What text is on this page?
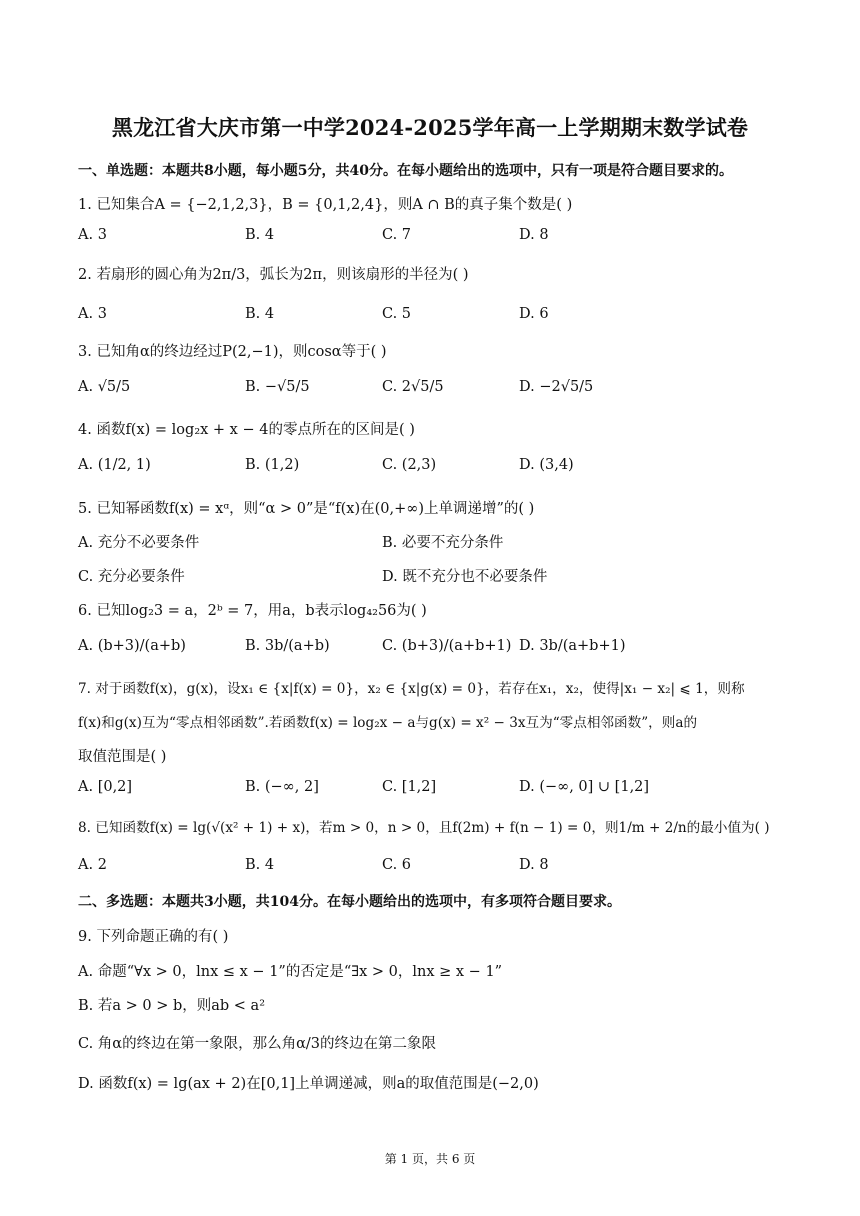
黑龙江省大庆市第一中学2024-2025学年高一上学期期末数学试卷
一、单选题：本题共8小题，每小题5分，共40分。在每小题给出的选项中，只有一项是符合题目要求的。
1. 已知集合A = {−2,1,2,3}，B = {0,1,2,4}，则A ∩ B的真子集个数是( )
A. 3	B. 4	C. 7	D. 8
2. 若扇形的圆心角为2π/3，弧长为2π，则该扇形的半径为( )
A. 3	B. 4	C. 5	D. 6
3. 已知角α的终边经过P(2,−1)，则cosα等于( )
A. √5/5	B. −√5/5	C. 2√5/5	D. −2√5/5
4. 函数f(x) = log₂x + x − 4的零点所在的区间是( )
A. (1/2, 1)	B. (1,2)	C. (2,3)	D. (3,4)
5. 已知幂函数f(x) = xᵅ，则“α > 0”是“f(x)在(0,+∞)上单调递增”的( )
A. 充分不必要条件	B. 必要不充分条件
C. 充分必要条件	D. 既不充分也不必要条件
6. 已知log₂3 = a，2ᵇ = 7，用a，b表示log₄₂56为( )
A. (b+3)/(a+b)	B. 3b/(a+b)	C. (b+3)/(a+b+1) D. 3b/(a+b+1)
7. 对于函数f(x)，g(x)，设x₁ ∈ {x|f(x) = 0}，x₂ ∈ {x|g(x) = 0}，若存在x₁，x₂，使得|x₁ − x₂| ⩽ 1，则称
f(x)和g(x)互为“零点相邻函数”.若函数f(x) = log₂x − a与g(x) = x² − 3x互为“零点相邻函数”，则a的
取值范围是( )
A. [0,2]	B. (−∞, 2]	C. [1,2]	D. (−∞, 0] ∪ [1,2]
8. 已知函数f(x) = lg(√(x² + 1) + x)，若m > 0，n > 0，且f(2m) + f(n − 1) = 0，则1/m + 2/n的最小值为( )
A. 2	B. 4	C. 6	D. 8
二、多选题：本题共3小题，共104分。在每小题给出的选项中，有多项符合题目要求。
9. 下列命题正确的有( )
A. 命题“∀x > 0，lnx ≤ x − 1”的否定是“∃x > 0，lnx ≥ x − 1”
B. 若a > 0 > b，则ab < a²
C. 角α的终边在第一象限，那么角α/3的终边在第二象限
D. 函数f(x) = lg(ax + 2)在[0,1]上单调递减，则a的取值范围是(−2,0)
第 1 页，共 6 页
